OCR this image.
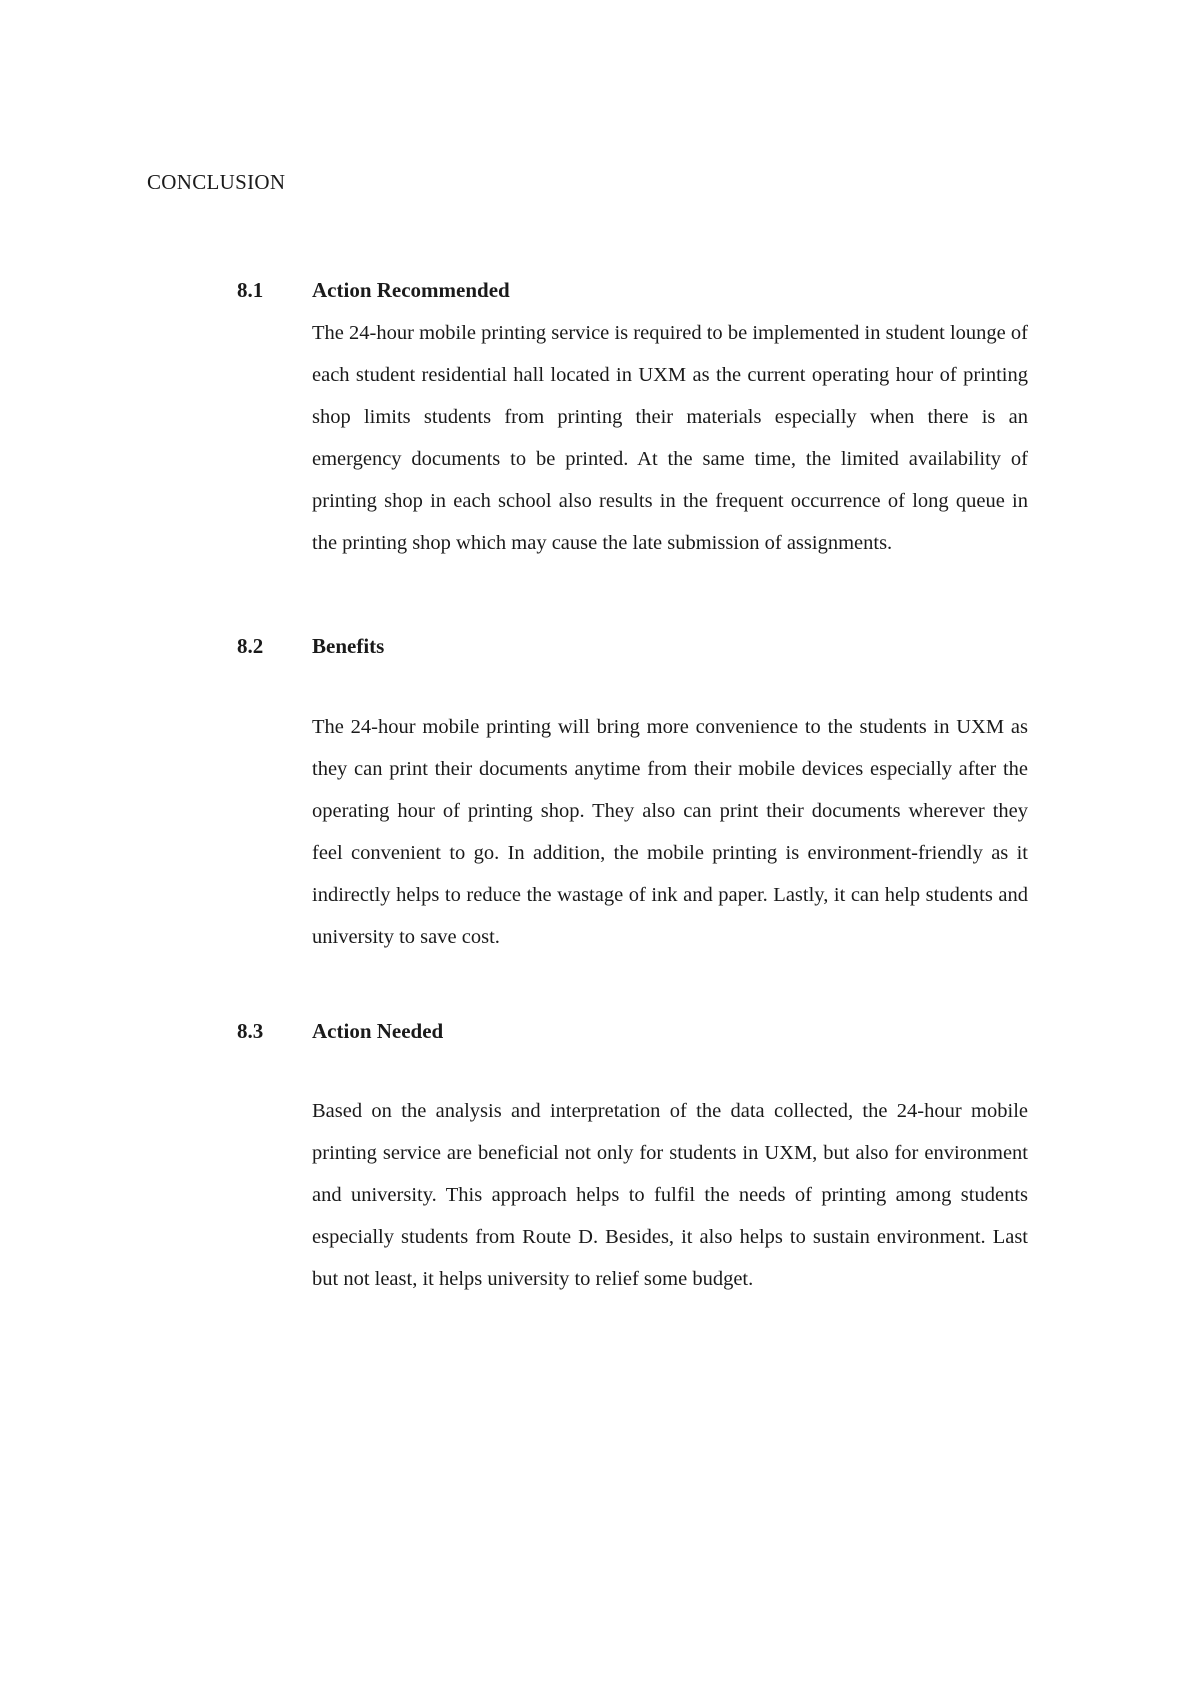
CONCLUSION
8.1 Action Recommended

The 24-hour mobile printing service is required to be implemented in student lounge of each student residential hall located in UXM as the current operating hour of printing shop limits students from printing their materials especially when there is an emergency documents to be printed. At the same time, the limited availability of printing shop in each school also results in the frequent occurrence of long queue in the printing shop which may cause the late submission of assignments.

8.2 Benefits

The 24-hour mobile printing will bring more convenience to the students in UXM as they can print their documents anytime from their mobile devices especially after the operating hour of printing shop. They also can print their documents wherever they feel convenient to go. In addition, the mobile printing is environment-friendly as it indirectly helps to reduce the wastage of ink and paper. Lastly, it can help students and university to save cost.

8.3 Action Needed

Based on the analysis and interpretation of the data collected, the 24-hour mobile printing service are beneficial not only for students in UXM, but also for environment and university. This approach helps to fulfil the needs of printing among students especially students from Route D. Besides, it also helps to sustain environment. Last but not least, it helps university to relief some budget.
